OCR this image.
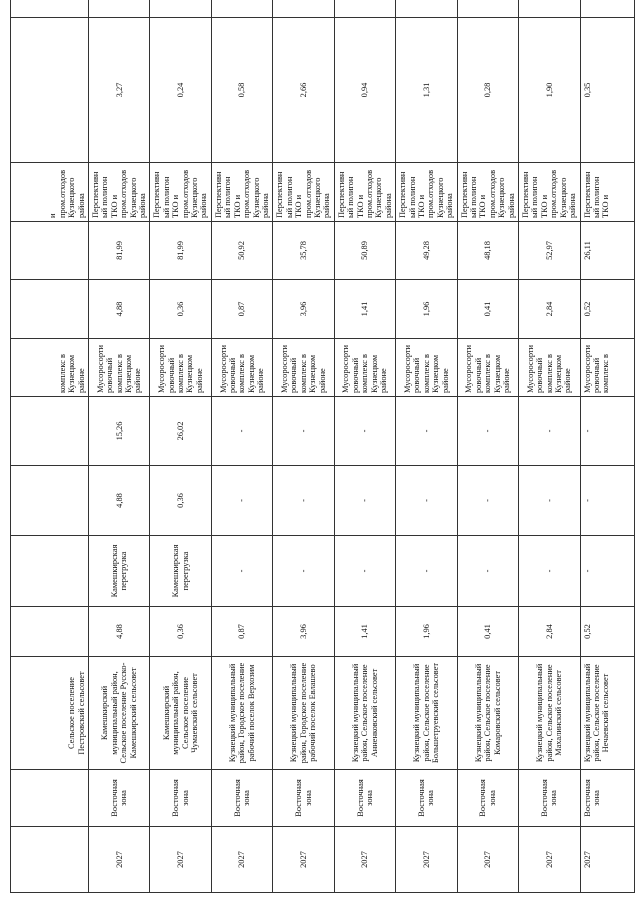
		Сельское поселение Пестровский сельсовет					комплекс в Кузнецком районе			и пром.отходов Кузнецкого района		

2027	Восточная зона	Камешкирский муниципальный район, Сельское поселение Русско-Камешкирский сельсовет	4,88	Камешкирская перегрузка	4,88	15,26	Мусоросортировочный комплекс в Кузнецком районе	4,88	81,99	Перспективный полигон ТКО и пром.отходов Кузнецкого района	3,27

2027	Восточная зона	Камешкирский муниципальный район, Сельское поселение Чумаевский сельсовет	0,36	Камешкирская перегрузка	0,36	26,02	Мусоросортировочный комплекс в Кузнецком районе	0,36	81,99	Перспективный полигон ТКО и пром.отходов Кузнецкого района	0,24

2027	Восточная зона	Кузнецкий муниципальный район, Городское поселение рабочий поселок Верхозим	0,87	-	-	-	Мусоросортировочный комплекс в Кузнецком районе	0,87	50,92	Перспективный полигон ТКО и пром.отходов Кузнецкого района	0,58

2027	Восточная зона	Кузнецкий муниципальный район, Городское поселение рабочий поселок Евлашево	3,96	-	-	-	Мусоросортировочный комплекс в Кузнецком районе	3,96	35,78	Перспективный полигон ТКО и пром.отходов Кузнецкого района	2,66

2027	Восточная зона	Кузнецкий муниципальный район, Сельское поселение Анненковский сельсовет	1,41	-	-	-	Мусоросортировочный комплекс в Кузнецком районе	1,41	50,89	Перспективный полигон ТКО и пром.отходов Кузнецкого района	0,94

2027	Восточная зона	Кузнецкий муниципальный район, Сельское поселение Большетруевский сельсовет	1,96	-	-	-	Мусоросортировочный комплекс в Кузнецком районе	1,96	49,28	Перспективный полигон ТКО и пром.отходов Кузнецкого района	1,31

2027	Восточная зона	Кузнецкий муниципальный район, Сельское поселение Комаровский сельсовет	0,41	-	-	-	Мусоросортировочный комплекс в Кузнецком районе	0,41	48,18	Перспективный полигон ТКО и пром.отходов Кузнецкого района	0,28

2027	Восточная зона	Кузнецкий муниципальный район, Сельское поселение Махалинский сельсовет	2,84	-	-	-	Мусоросортировочный комплекс в Кузнецком районе	2,84	52,97	Перспективный полигон ТКО и пром.отходов Кузнецкого района	1,90

2027	Восточная зона	Кузнецкий муниципальный район, Сельское поселение Нечаевский сельсовет	0,52	-	-	-	Мусоросортировочный комплекс в	0,52	26,11	Перспективный полигон ТКО и	0,35
